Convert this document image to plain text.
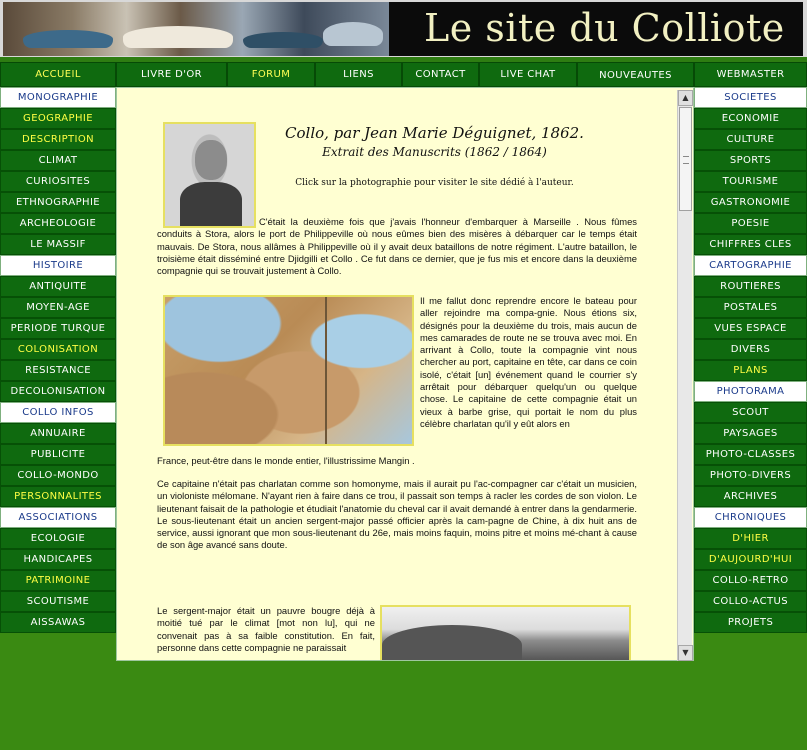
Le site du Colliote
ACCUEIL	LIVRE D'OR	FORUM	LIENS	CONTACT	LIVE CHAT	NOUVEAUTES	WEBMASTER
MONOGRAPHIE
GEOGRAPHIE
DESCRIPTION
CLIMAT
CURIOSITES
ETHNOGRAPHIE
ARCHEOLOGIE
LE MASSIF
HISTOIRE
ANTIQUITE
MOYEN-AGE
PERIODE TURQUE
COLONISATION
RESISTANCE
DECOLONISATION
COLLO INFOS
ANNUAIRE
PUBLICITE
COLLO-MONDO
PERSONNALITES
ASSOCIATIONS
ECOLOGIE
HANDICAPES
PATRIMOINE
SCOUTISME
AISSAWAS
SOCIETES
ECONOMIE
CULTURE
SPORTS
TOURISME
GASTRONOMIE
POESIE
CHIFFRES CLES
CARTOGRAPHIE
ROUTIERES
POSTALES
VUES ESPACE
DIVERS
PLANS
PHOTORAMA
SCOUT
PAYSAGES
PHOTO-CLASSES
PHOTO-DIVERS
ARCHIVES
CHRONIQUES
D'HIER
D'AUJOURD'HUI
COLLO-RETRO
COLLO-ACTUS
PROJETS
Collo, par Jean Marie Déguignet, 1862.
Extrait des Manuscrits (1862 / 1864)
Click sur la photographie pour visiter le site dédié à l'auteur.
C'était la deuxième fois que j'avais l'honneur d'embarquer à Marseille . Nous fûmes conduits à Stora, alors le port de Philippeville où nous eûmes bien des misères à débarquer car le temps était mauvais. De Stora, nous allâmes à Philippeville où il y avait deux bataillons de notre régiment. L'autre bataillon, le troisième était disséminé entre Djidgilli et Collo . Ce fut dans ce dernier, que je fus mis et encore dans la deuxième compagnie qui se trouvait justement à Collo.
Il me fallut donc reprendre encore le bateau pour aller rejoindre ma compa-gnie. Nous étions six, désignés pour la deuxième du trois, mais aucun de mes camarades de route ne se trouva avec moi. En arrivant à Collo, toute la compagnie vint nous chercher au port, capitaine en tête, car dans ce coin isolé, c'était [un] événement quand le courrier s'y arrêtait pour débarquer quelqu'un ou quelque chose. Le capitaine de cette compagnie était un vieux à barbe grise, qui portait le nom du plus célèbre charlatan qu'il y eût alors en
France, peut-être dans le monde entier, l'illustrissime Mangin .
Ce capitaine n'était pas charlatan comme son homonyme, mais il aurait pu l'ac-compagner car c'était un musicien, un violoniste mélomane. N'ayant rien à faire dans ce trou, il passait son temps à racler les cordes de son violon. Le lieutenant faisait de la pathologie et étudiait l'anatomie du cheval car il avait demandé à entrer dans la gendarmerie. Le sous-lieutenant était un ancien sergent-major passé officier après la cam-pagne de Chine, à dix huit ans de service, aussi ignorant que mon sous-lieutenant du 26e, mais moins faquin, moins pitre et moins mé-chant à cause de son âge avancé sans doute.
Le sergent-major était un pauvre bougre déjà à moitié tué par le climat [mot non lu], qui ne convenait pas à sa faible constitution. En fait, personne dans cette compagnie ne paraissait
▲
▼
